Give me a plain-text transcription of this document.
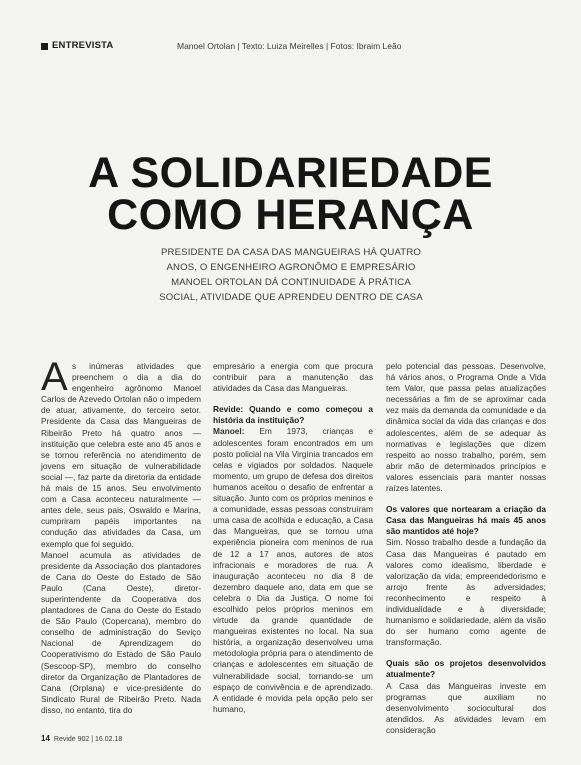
ENTREVISTA	Manoel Ortolan | Texto: Luiza Meirelles | Fotos: Ibraim Leão
A SOLIDARIEDADE
COMO HERANÇA
PRESIDENTE DA CASA DAS MANGUEIRAS HÁ QUATRO
ANOS, O ENGENHEIRO AGRONÔMO E EMPRESÁRIO
MANOEL ORTOLAN DÁ CONTINUIDADE À PRÁTICA
SOCIAL, ATIVIDADE QUE APRENDEU DENTRO DE CASA

A s inúmeras atividades que preenchem o dia a dia do engenheiro agrônomo Manoel Carlos de Azevedo Ortolan não o impedem de atuar, ativamente, do terceiro setor. Presidente da Casa das Mangueiras de Ribeirão Preto há quatro anos — instituição que celebra este ano 45 anos e se tornou referência no atendimento de jovens em situação de vulnerabilidade social —, faz parte da diretoria da entidade há mais de 15 anos. Seu envolvimento com a Casa aconteceu naturalmente — antes dele, seus pais, Oswaldo e Marina, cumpriram papéis importantes na condução das atividades da Casa, um exemplo que foi seguido.

Manoel acumula as atividades de presidente da Associação dos plantadores de Cana do Oeste do Estado de São Paulo (Cana Oeste), diretor-superintendente da Cooperativa dos plantadores de Cana do Oeste do Estado de São Paulo (Copercana), membro do conselho de administração do Seviço Nacional de Aprendizagem do Cooperativismo do Estado de São Paulo (Sescoop-SP), membro do conselho diretor da Organização de Plantadores de Cana (Orplana) e vice-presidente do Sindicato Rural de Ribeirão Preto. Nada disso, no entanto, tira do

empresário a energia com que procura contribuir para a manutenção das atividades da Casa das Mangueiras.

Revide: Quando e como começou a história da instituição?

Manoel: Em 1973, crianças e adolescentes foram encontrados em um posto policial na Vila Virgínia trancados em celas e vigiados por soldados. Naquele momento, um grupo de defesa dos direitos humanos aceitou o desafio de enfrentar a situação. Junto com os próprios meninos e a comunidade, essas pessoas construíram uma casa de acolhida e educação, a Casa das Mangueiras, que se tornou uma experiência pioneira com meninos de rua de 12 a 17 anos, autores de atos infracionais e moradores de rua. A inauguração aconteceu no dia 8 de dezembro daquele ano, data em que se celebra o Dia da Justiça. O nome foi escolhido pelos próprios meninos em virtude da grande quantidade de mangueiras existentes no local. Na sua história, a organização desenvolveu uma metodologia própria para o atendimento de crianças e adolescentes em situação de vulnerabilidade social, tornando-se um espaço de convivência e de aprendizado. A entidade é movida pela opção pelo ser humano,

pelo potencial das pessoas. Desenvolve, há vários anos, o Programa Onde a Vida tem Valor, que passa pelas atualizações necessárias a fim de se aproximar cada vez mais da demanda da comunidade e da dinâmica social da vida das crianças e dos adolescentes, além de se adequar às normativas e legislações que dizem respeito ao nosso trabalho, porém, sem abrir mão de determinados princípios e valores essenciais para manter nossas raízes latentes.

Os valores que nortearam a criação da Casa das Mangueiras há mais 45 anos são mantidos até hoje?

Sim. Nosso trabalho desde a fundação da Casa das Mangueiras é pautado em valores como idealismo, liberdade e valorização da vida; empreendedorismo e arrojo frente às adversidades; reconhecimento e respeito à individualidade e à diversidade; humanismo e solidariedade, além da visão do ser humano como agente de transformação.

Quais são os projetos desenvolvidos atualmente?

A Casa das Mangueiras investe em programas que auxiliam no desenvolvimento sociocultural dos atendidos. As atividades levam em consideração

14 Revide 902 | 16.02.18
